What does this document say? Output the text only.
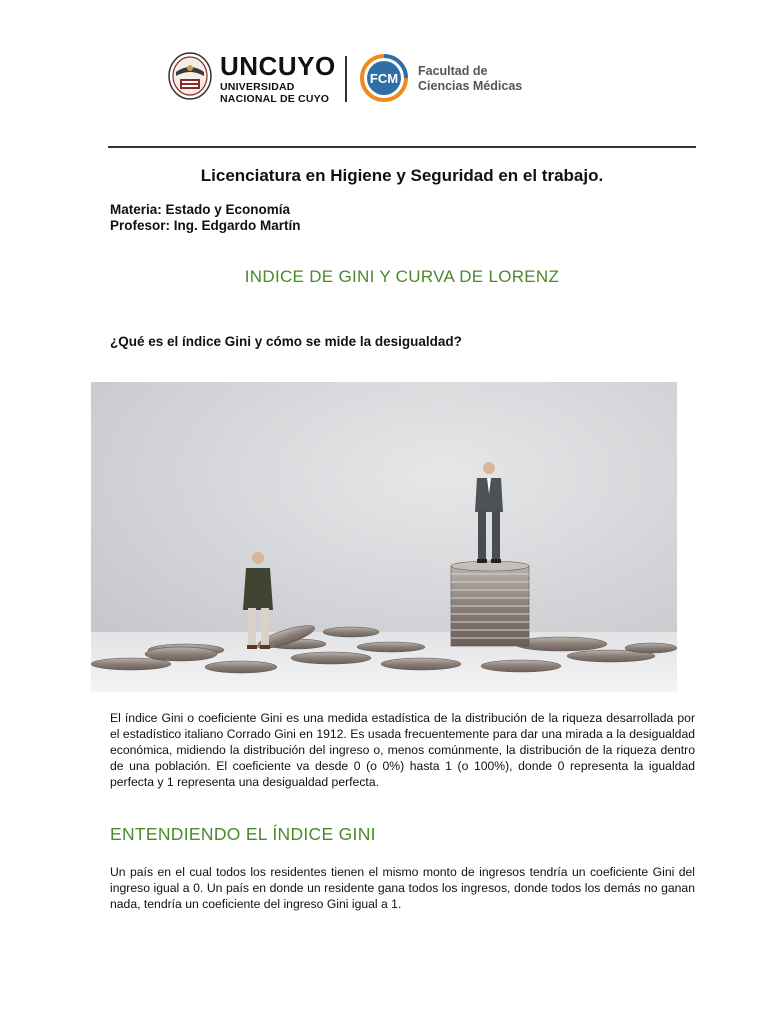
UNCUYO
UNIVERSIDAD
NACIONAL DE CUYO
FCM Facultad de
Ciencias Médicas
Licenciatura en Higiene y Seguridad en el trabajo.
Materia: Estado y Economía
Profesor: Ing. Edgardo Martín
INDICE DE GINI Y CURVA DE LORENZ
¿Qué es el índice Gini y cómo se mide la desigualdad?
El índice Gini o coeficiente Gini es una medida estadística de la distribución de la riqueza desarrollada por el estadístico italiano Corrado Gini en 1912. Es usada frecuentemente para dar una mirada a la desigualdad económica, midiendo la distribución del ingreso o, menos comúnmente, la distribución de la riqueza dentro de una población. El coeficiente va desde 0 (o 0%) hasta 1 (o 100%), donde 0 representa la igualdad perfecta y 1 representa una desigualdad perfecta.
ENTENDIENDO EL ÍNDICE GINI
Un país en el cual todos los residentes tienen el mismo monto de ingresos tendría un coeficiente Gini del ingreso igual a 0. Un país en donde un residente gana todos los ingresos, donde todos los demás no ganan nada, tendría un coeficiente del ingreso Gini igual a 1.
